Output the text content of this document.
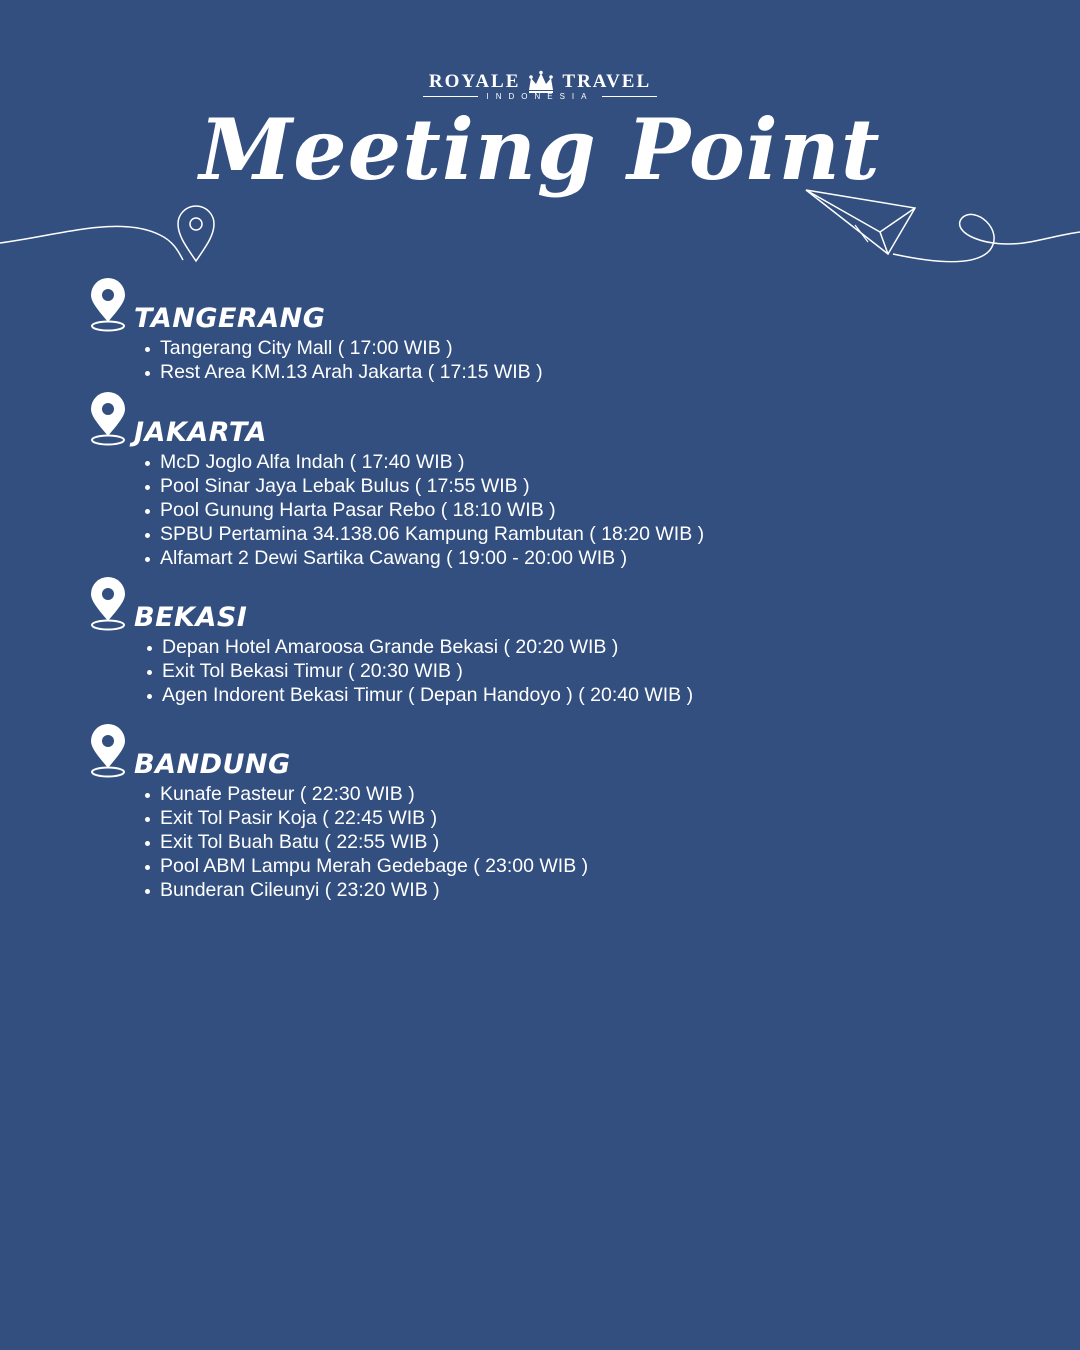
ROYALE TRAVEL
INDONESIA
Meeting Point
TANGERANG
Tangerang City Mall ( 17:00 WIB )
Rest Area KM.13 Arah Jakarta ( 17:15 WIB )
JAKARTA
McD Joglo Alfa Indah ( 17:40 WIB )
Pool Sinar Jaya Lebak Bulus ( 17:55 WIB )
Pool Gunung Harta Pasar Rebo ( 18:10 WIB )
SPBU Pertamina 34.138.06 Kampung Rambutan ( 18:20 WIB )
Alfamart 2 Dewi Sartika Cawang ( 19:00 - 20:00 WIB )
BEKASI
Depan Hotel Amaroosa Grande Bekasi ( 20:20 WIB )
Exit Tol Bekasi Timur ( 20:30 WIB )
Agen Indorent Bekasi Timur ( Depan Handoyo ) ( 20:40 WIB )
BANDUNG
Kunafe Pasteur ( 22:30 WIB )
Exit Tol Pasir Koja ( 22:45 WIB )
Exit Tol Buah Batu ( 22:55 WIB )
Pool ABM Lampu Merah Gedebage ( 23:00 WIB )
Bunderan Cileunyi ( 23:20 WIB )
